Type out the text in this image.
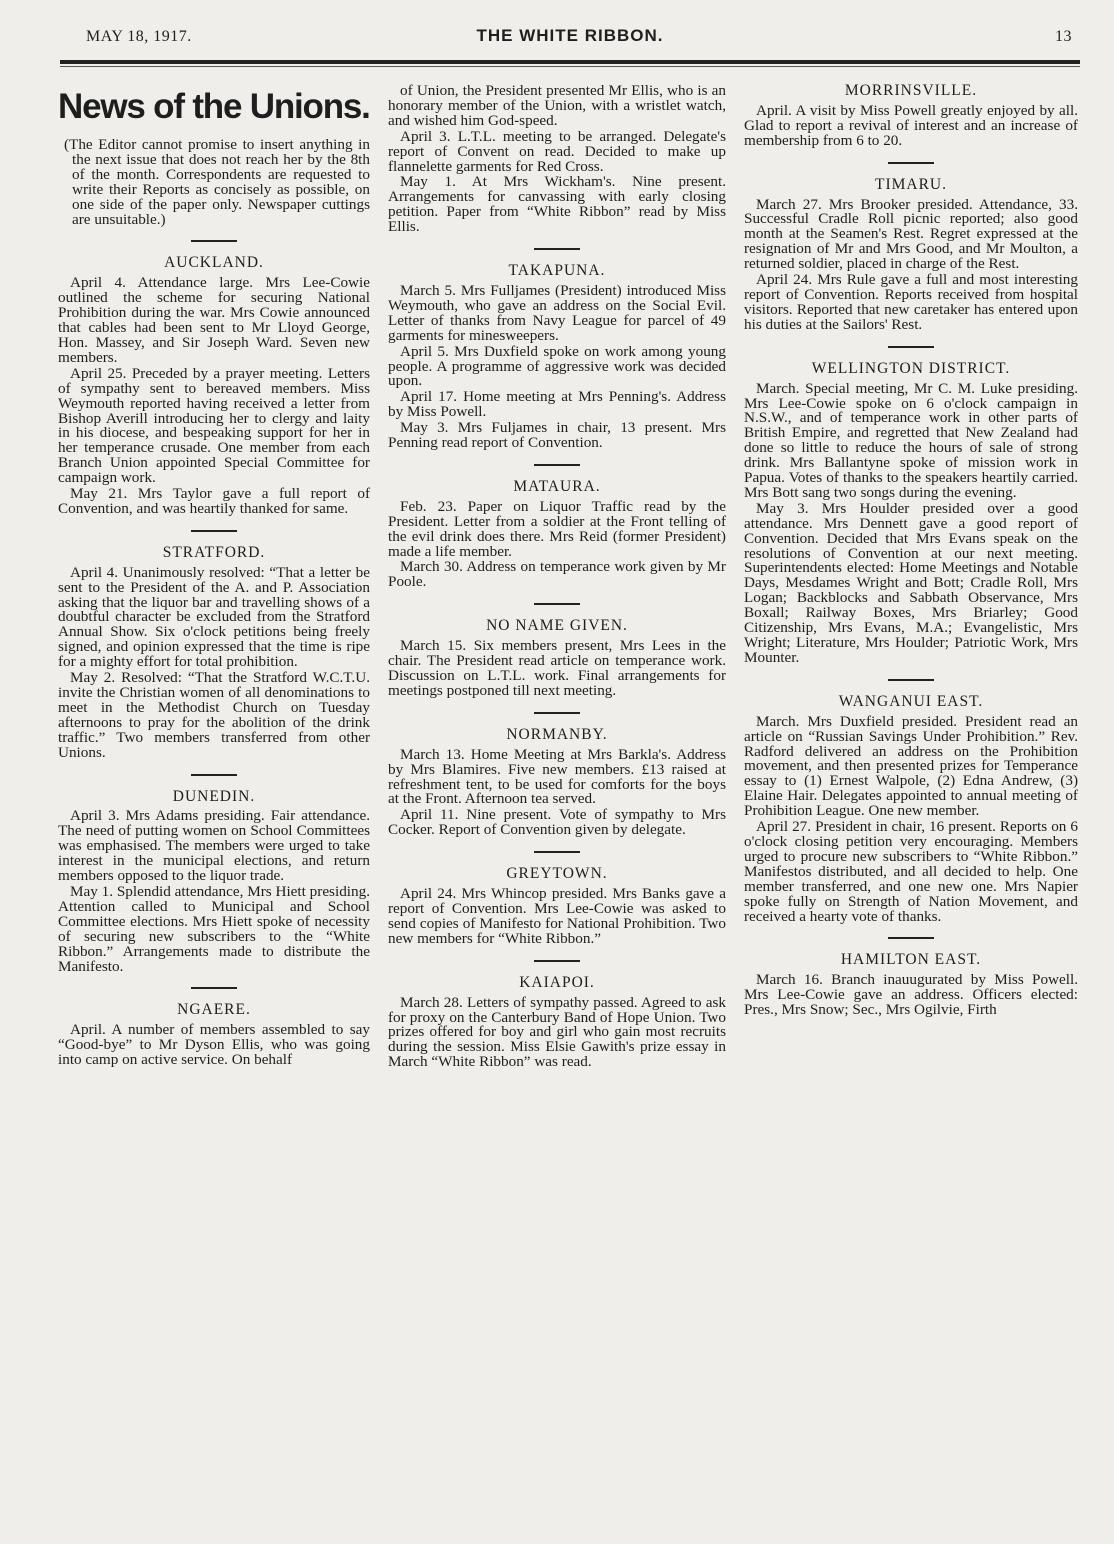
MAY 18, 1917.	THE WHITE RIBBON.	13
News of the Unions.
(The Editor cannot promise to insert anything in the next issue that does not reach her by the 8th of the month. Correspondents are requested to write their Reports as concisely as possible, on one side of the paper only. Newspaper cuttings are unsuitable.)
AUCKLAND.

April 4. Attendance large. Mrs Lee-Cowie outlined the scheme for securing National Prohibition during the war. Mrs Cowie announced that cables had been sent to Mr Lloyd George, Hon. Massey, and Sir Joseph Ward. Seven new members.

April 25. Preceded by a prayer meeting. Letters of sympathy sent to bereaved members. Miss Weymouth reported having received a letter from Bishop Averill introducing her to clergy and laity in his diocese, and bespeaking support for her in her temperance crusade. One member from each Branch Union appointed Special Committee for campaign work.

May 21. Mrs Taylor gave a full report of Convention, and was heartily thanked for same.

STRATFORD.

April 4. Unanimously resolved: “That a letter be sent to the President of the A. and P. Association asking that the liquor bar and travelling shows of a doubtful character be excluded from the Stratford Annual Show. Six o'clock petitions being freely signed, and opinion expressed that the time is ripe for a mighty effort for total prohibition.

May 2. Resolved: “That the Stratford W.C.T.U. invite the Christian women of all denominations to meet in the Methodist Church on Tuesday afternoons to pray for the abolition of the drink traffic.” Two members transferred from other Unions.

DUNEDIN.

April 3. Mrs Adams presiding. Fair attendance. The need of putting women on School Committees was emphasised. The members were urged to take interest in the municipal elections, and return members opposed to the liquor trade.

May 1. Splendid attendance, Mrs Hiett presiding. Attention called to Municipal and School Committee elections. Mrs Hiett spoke of necessity of securing new subscribers to the “White Ribbon.” Arrangements made to distribute the Manifesto.

NGAERE.

April. A number of members assembled to say “Good-bye” to Mr Dyson Ellis, who was going into camp on active service. On behalf

of Union, the President presented Mr Ellis, who is an honorary member of the Union, with a wristlet watch, and wished him God-speed.

April 3. L.T.L. meeting to be arranged. Delegate's report of Convent on read. Decided to make up flannelette garments for Red Cross.

May 1. At Mrs Wickham's. Nine present. Arrangements for canvassing with early closing petition. Paper from “White Ribbon” read by Miss Ellis.

TAKAPUNA.

March 5. Mrs Fulljames (President) introduced Miss Weymouth, who gave an address on the Social Evil. Letter of thanks from Navy League for parcel of 49 garments for minesweepers.

April 5. Mrs Duxfield spoke on work among young people. A programme of aggressive work was decided upon.

April 17. Home meeting at Mrs Penning's. Address by Miss Powell.

May 3. Mrs Fuljames in chair, 13 present. Mrs Penning read report of Convention.

MATAURA.

Feb. 23. Paper on Liquor Traffic read by the President. Letter from a soldier at the Front telling of the evil drink does there. Mrs Reid (former President) made a life member.

March 30. Address on temperance work given by Mr Poole.

NO NAME GIVEN.

March 15. Six members present, Mrs Lees in the chair. The President read article on temperance work. Discussion on L.T.L. work. Final arrangements for meetings postponed till next meeting.

NORMANBY.

March 13. Home Meeting at Mrs Barkla's. Address by Mrs Blamires. Five new members. £13 raised at refreshment tent, to be used for comforts for the boys at the Front. Afternoon tea served.

April 11. Nine present. Vote of sympathy to Mrs Cocker. Report of Convention given by delegate.

GREYTOWN.

April 24. Mrs Whincop presided. Mrs Banks gave a report of Convention. Mrs Lee-Cowie was asked to send copies of Manifesto for National Prohibition. Two new members for “White Ribbon.”

KAIAPOI.

March 28. Letters of sympathy passed. Agreed to ask for proxy on the Canterbury Band of Hope Union. Two prizes offered for boy and girl who gain most recruits during the session. Miss Elsie Gawith's prize essay in March “White Ribbon” was read.

MORRINSVILLE.

April. A visit by Miss Powell greatly enjoyed by all. Glad to report a revival of interest and an increase of membership from 6 to 20.

TIMARU.

March 27. Mrs Brooker presided. Attendance, 33. Successful Cradle Roll picnic reported; also good month at the Seamen's Rest. Regret expressed at the resignation of Mr and Mrs Good, and Mr Moulton, a returned soldier, placed in charge of the Rest.

April 24. Mrs Rule gave a full and most interesting report of Convention. Reports received from hospital visitors. Reported that new caretaker has entered upon his duties at the Sailors' Rest.

WELLINGTON DISTRICT.

March. Special meeting, Mr C. M. Luke presiding. Mrs Lee-Cowie spoke on 6 o'clock campaign in N.S.W., and of temperance work in other parts of British Empire, and regretted that New Zealand had done so little to reduce the hours of sale of strong drink. Mrs Ballantyne spoke of mission work in Papua. Votes of thanks to the speakers heartily carried. Mrs Bott sang two songs during the evening.

May 3. Mrs Houlder presided over a good attendance. Mrs Dennett gave a good report of Convention. Decided that Mrs Evans speak on the resolutions of Convention at our next meeting. Superintendents elected: Home Meetings and Notable Days, Mesdames Wright and Bott; Cradle Roll, Mrs Logan; Backblocks and Sabbath Observance, Mrs Boxall; Railway Boxes, Mrs Briarley; Good Citizenship, Mrs Evans, M.A.; Evangelistic, Mrs Wright; Literature, Mrs Houlder; Patriotic Work, Mrs Mounter.

WANGANUI EAST.

March. Mrs Duxfield presided. President read an article on “Russian Savings Under Prohibition.” Rev. Radford delivered an address on the Prohibition movement, and then presented prizes for Temperance essay to (1) Ernest Walpole, (2) Edna Andrew, (3) Elaine Hair. Delegates appointed to annual meeting of Prohibition League. One new member.

April 27. President in chair, 16 present. Reports on 6 o'clock closing petition very encouraging. Members urged to procure new subscribers to “White Ribbon.” Manifestos distributed, and all decided to help. One member transferred, and one new one. Mrs Napier spoke fully on Strength of Nation Movement, and received a hearty vote of thanks.

HAMILTON EAST.

March 16. Branch inauugurated by Miss Powell. Mrs Lee-Cowie gave an address. Officers elected: Pres., Mrs Snow; Sec., Mrs Ogilvie, Firth
